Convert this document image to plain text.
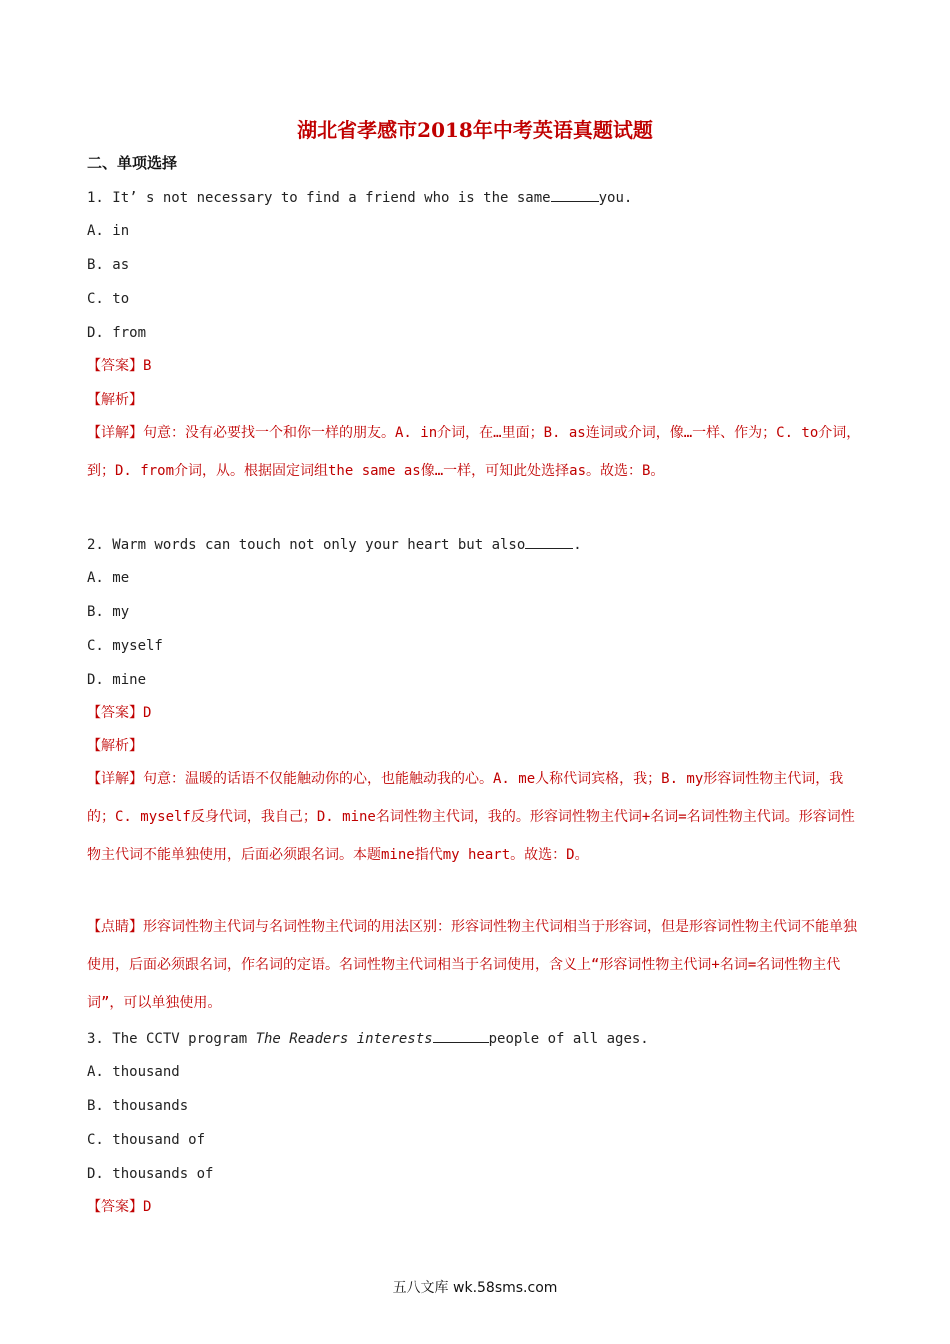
湖北省孝感市2018年中考英语真题试题
二、单项选择
1. It’ s not necessary to find a friend who is the same	you.
A. in
B. as
C. to
D. from
【答案】B
【解析】
【详解】句意：没有必要找一个和你一样的朋友。A. in介词，在…里面；B. as连词或介词，像…一样、作为；C. to介词，到；D. from介词，从。根据固定词组the same as像…一样，可知此处选择as。故选：B。
2. Warm words can touch not only your heart but also	.
A. me
B. my
C. myself
D. mine
【答案】D
【解析】
【详解】句意：温暖的话语不仅能触动你的心，也能触动我的心。A. me人称代词宾格，我；B. my形容词性物主代词，我的；C. myself反身代词，我自己；D. mine名词性物主代词，我的。形容词性物主代词+名词=名词性物主代词。形容词性物主代词不能单独使用，后面必须跟名词。本题mine指代my heart。故选：D。
【点睛】形容词性物主代词与名词性物主代词的用法区别：形容词性物主代词相当于形容词，但是形容词性物主代词不能单独使用，后面必须跟名词，作名词的定语。名词性物主代词相当于名词使用，含义上“形容词性物主代词+名词=名词性物主代词”，可以单独使用。
3. The CCTV program The Readers interests	people of all ages.
A. thousand
B. thousands
C. thousand of
D. thousands of
【答案】D
五八文库 wk.58sms.com
